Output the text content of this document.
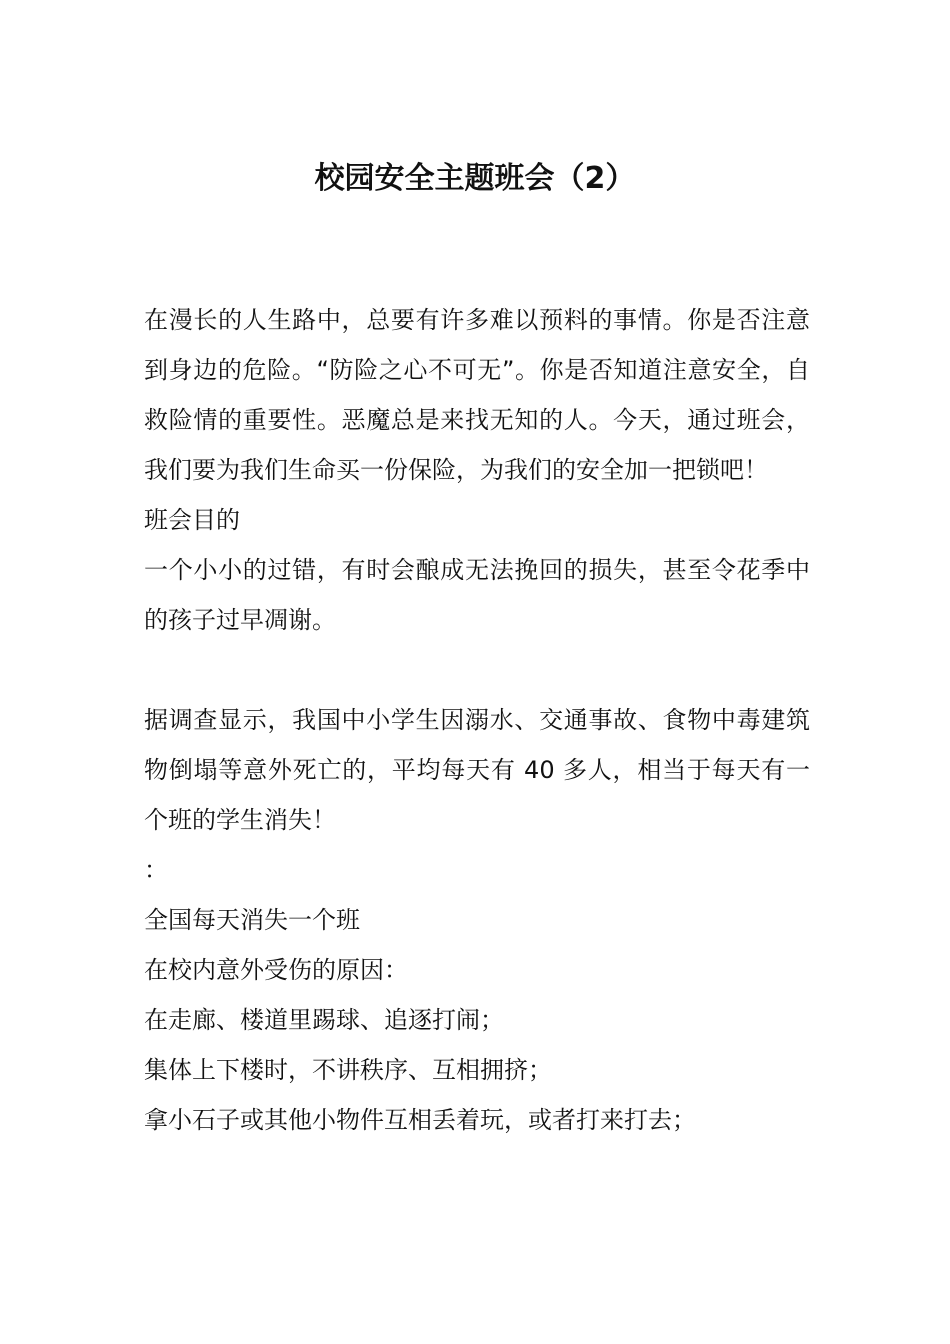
校园安全主题班会（2）

在漫长的人生路中，总要有许多难以预料的事情。你是否注意到身边的危险。“防险之心不可无”。你是否知道注意安全，自救险情的重要性。恶魔总是来找无知的人。今天，通过班会，我们要为我们生命买一份保险，为我们的安全加一把锁吧！

班会目的

一个小小的过错，有时会酿成无法挽回的损失，甚至令花季中的孩子过早凋谢。

据调查显示，我国中小学生因溺水、交通事故、食物中毒建筑物倒塌等意外死亡的，平均每天有 40 多人，相当于每天有一个班的学生消失！

：

全国每天消失一个班

在校内意外受伤的原因：

在走廊、楼道里踢球、追逐打闹；

集体上下楼时，不讲秩序、互相拥挤；

拿小石子或其他小物件互相丢着玩，或者打来打去；
